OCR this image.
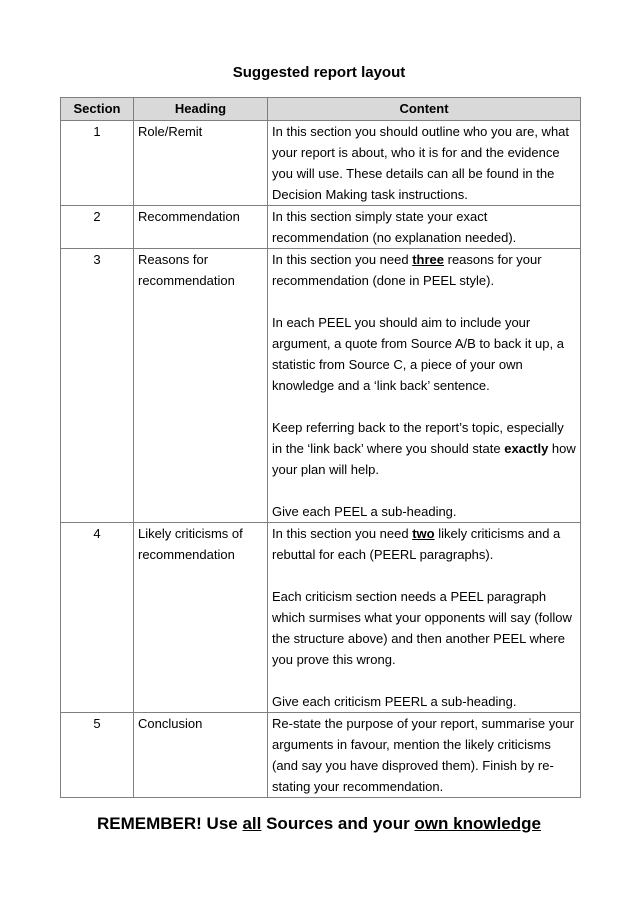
Suggested report layout
Section	Heading	Content
1	Role/Remit	In this section you should outline who you are, what your report is about, who it is for and the evidence you will use. These details can all be found in the Decision Making task instructions.

2	Recommendation	In this section simply state your exact recommendation (no explanation needed).

3	Reasons for recommendation	In this section you need three reasons for your recommendation (done in PEEL style).

In each PEEL you should aim to include your argument, a quote from Source A/B to back it up, a statistic from Source C, a piece of your own knowledge and a ‘link back’ sentence.

Keep referring back to the report’s topic, especially in the ‘link back’ where you should state exactly how your plan will help.

Give each PEEL a sub-heading.

4	Likely criticisms of recommendation	In this section you need two likely criticisms and a rebuttal for each (PEERL paragraphs).

Each criticism section needs a PEEL paragraph which surmises what your opponents will say (follow the structure above) and then another PEEL where you prove this wrong.

Give each criticism PEERL a sub-heading.

5	Conclusion	Re-state the purpose of your report, summarise your arguments in favour, mention the likely criticisms (and say you have disproved them). Finish by re-stating your recommendation.

REMEMBER! Use all Sources and your own knowledge
